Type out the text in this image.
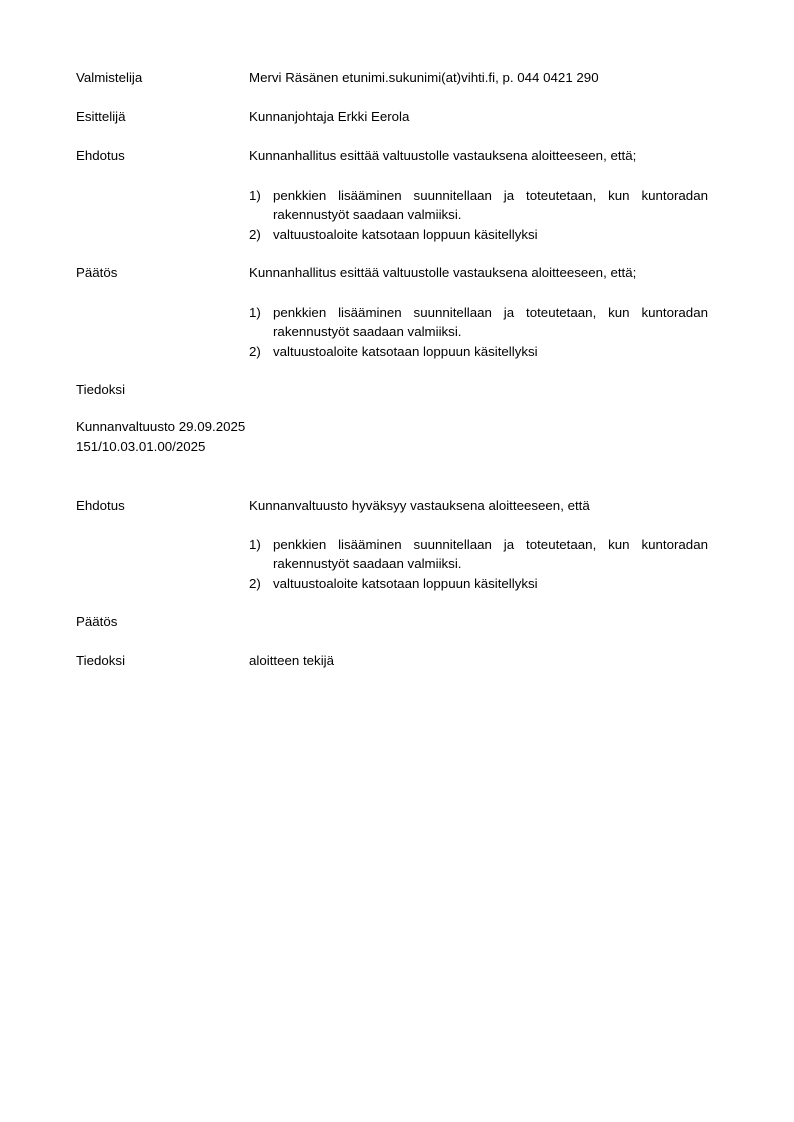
Valmistelija	Mervi Räsänen etunimi.sukunimi(at)vihti.fi, p. 044 0421 290
Esittelijä	Kunnanjohtaja Erkki Eerola
Ehdotus	Kunnanhallitus esittää valtuustolle vastauksena aloitteeseen, että;
1) penkkien lisääminen suunnitellaan ja toteutetaan, kun kuntoradan rakennustyöt saadaan valmiiksi.
2) valtuustoaloite katsotaan loppuun käsitellyksi
Päätös	Kunnanhallitus esittää valtuustolle vastauksena aloitteeseen, että;
1) penkkien lisääminen suunnitellaan ja toteutetaan, kun kuntoradan rakennustyöt saadaan valmiiksi.
2) valtuustoaloite katsotaan loppuun käsitellyksi
Tiedoksi
Kunnanvaltuusto 29.09.2025
151/10.03.01.00/2025
Ehdotus	Kunnanvaltuusto hyväksyy vastauksena aloitteeseen, että
1) penkkien lisääminen suunnitellaan ja toteutetaan, kun kuntoradan rakennustyöt saadaan valmiiksi.
2) valtuustoaloite katsotaan loppuun käsitellyksi
Päätös
Tiedoksi	aloitteen tekijä
